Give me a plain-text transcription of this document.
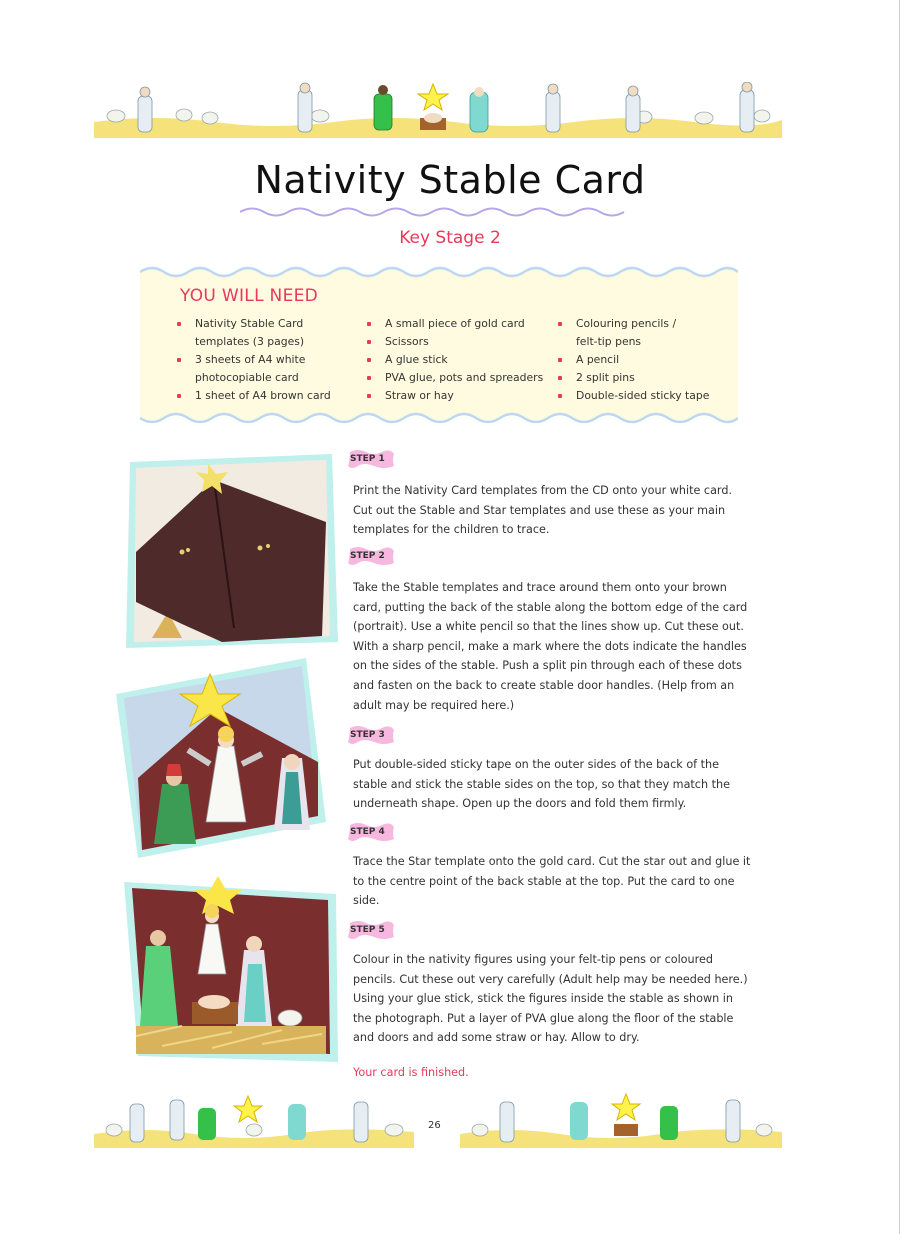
Nativity Stable Card
Key Stage 2
YOU WILL NEED
Nativity Stable Card
templates (3 pages)
3 sheets of A4 white
photocopiable card
1 sheet of A4 brown card
A small piece of gold card
Scissors
A glue stick
PVA glue, pots and spreaders
Straw or hay
Colouring pencils /
felt-tip pens
A pencil
2 split pins
Double-sided sticky tape
STEP 1

Print the Nativity Card templates from the CD onto your white card. Cut out the Stable and Star templates and use these as your main templates for the children to trace.

STEP 2

Take the Stable templates and trace around them onto your brown card, putting the back of the stable along the bottom edge of the card (portrait). Use a white pencil so that the lines show up. Cut these out. With a sharp pencil, make a mark where the dots indicate the handles on the sides of the stable. Push a split pin through each of these dots and fasten on the back to create stable door handles. (Help from an adult may be required here.)

STEP 3

Put double-sided sticky tape on the outer sides of the back of the stable and stick the stable sides on the top, so that they match the underneath shape. Open up the doors and fold them firmly.

STEP 4

Trace the Star template onto the gold card. Cut the star out and glue it to the centre point of the back stable at the top. Put the card to one side.

STEP 5

Colour in the nativity figures using your felt-tip pens or coloured pencils. Cut these out very carefully (Adult help may be needed here.) Using your glue stick, stick the figures inside the stable as shown in the photograph. Put a layer of PVA glue along the floor of the stable and doors and add some straw or hay. Allow to dry.

Your card is finished.
26
